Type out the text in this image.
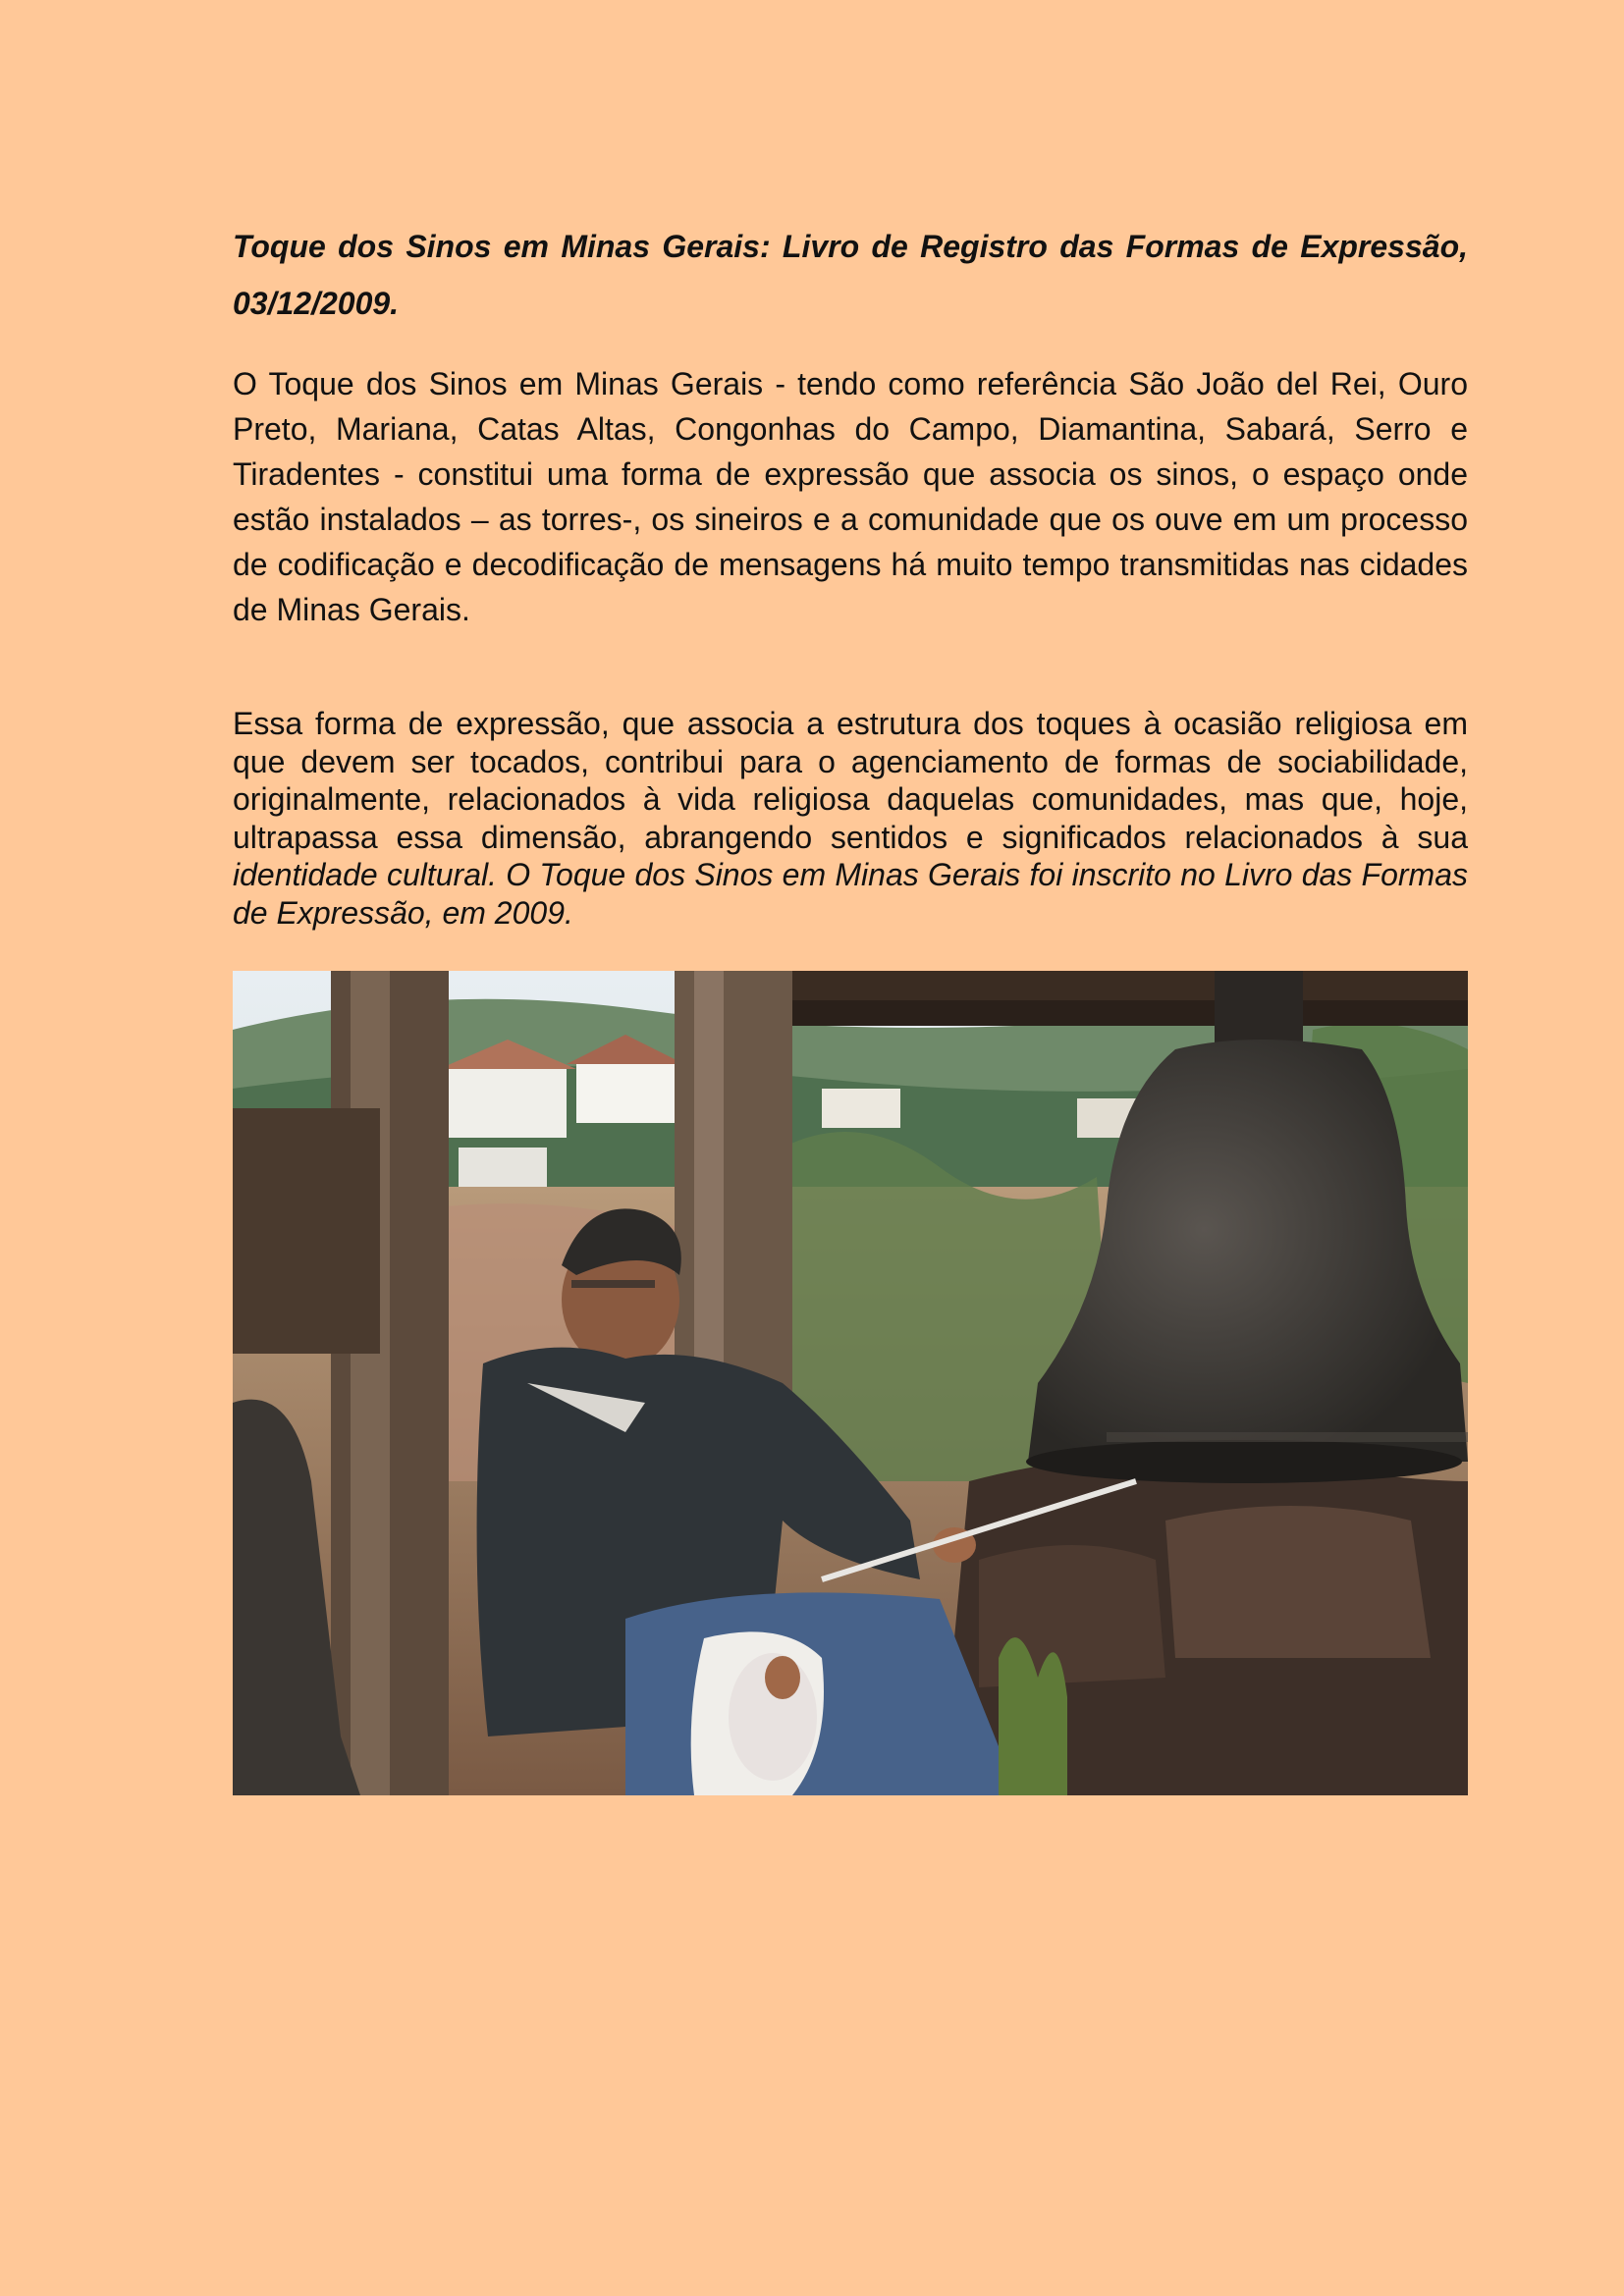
Toque dos Sinos em Minas Gerais: Livro de Registro das Formas de Expressão, 03/12/2009.

O Toque dos Sinos em Minas Gerais - tendo como referência São João del Rei, Ouro Preto, Mariana, Catas Altas, Congonhas do Campo, Diamantina, Sabará, Serro e Tiradentes - constitui uma forma de expressão que associa os sinos, o espaço onde estão instalados – as torres-, os sineiros e a comunidade que os ouve em um processo de codificação e decodificação de mensagens há muito tempo transmitidas nas cidades de Minas Gerais.

Essa forma de expressão, que associa a estrutura dos toques à ocasião religiosa em que devem ser tocados, contribui para o agenciamento de formas de sociabilidade, originalmente, relacionados à vida religiosa daquelas comunidades, mas que, hoje, ultrapassa essa dimensão, abrangendo sentidos e significados relacionados à sua identidade cultural. O Toque dos Sinos em Minas Gerais foi inscrito no Livro das Formas de Expressão, em 2009.
